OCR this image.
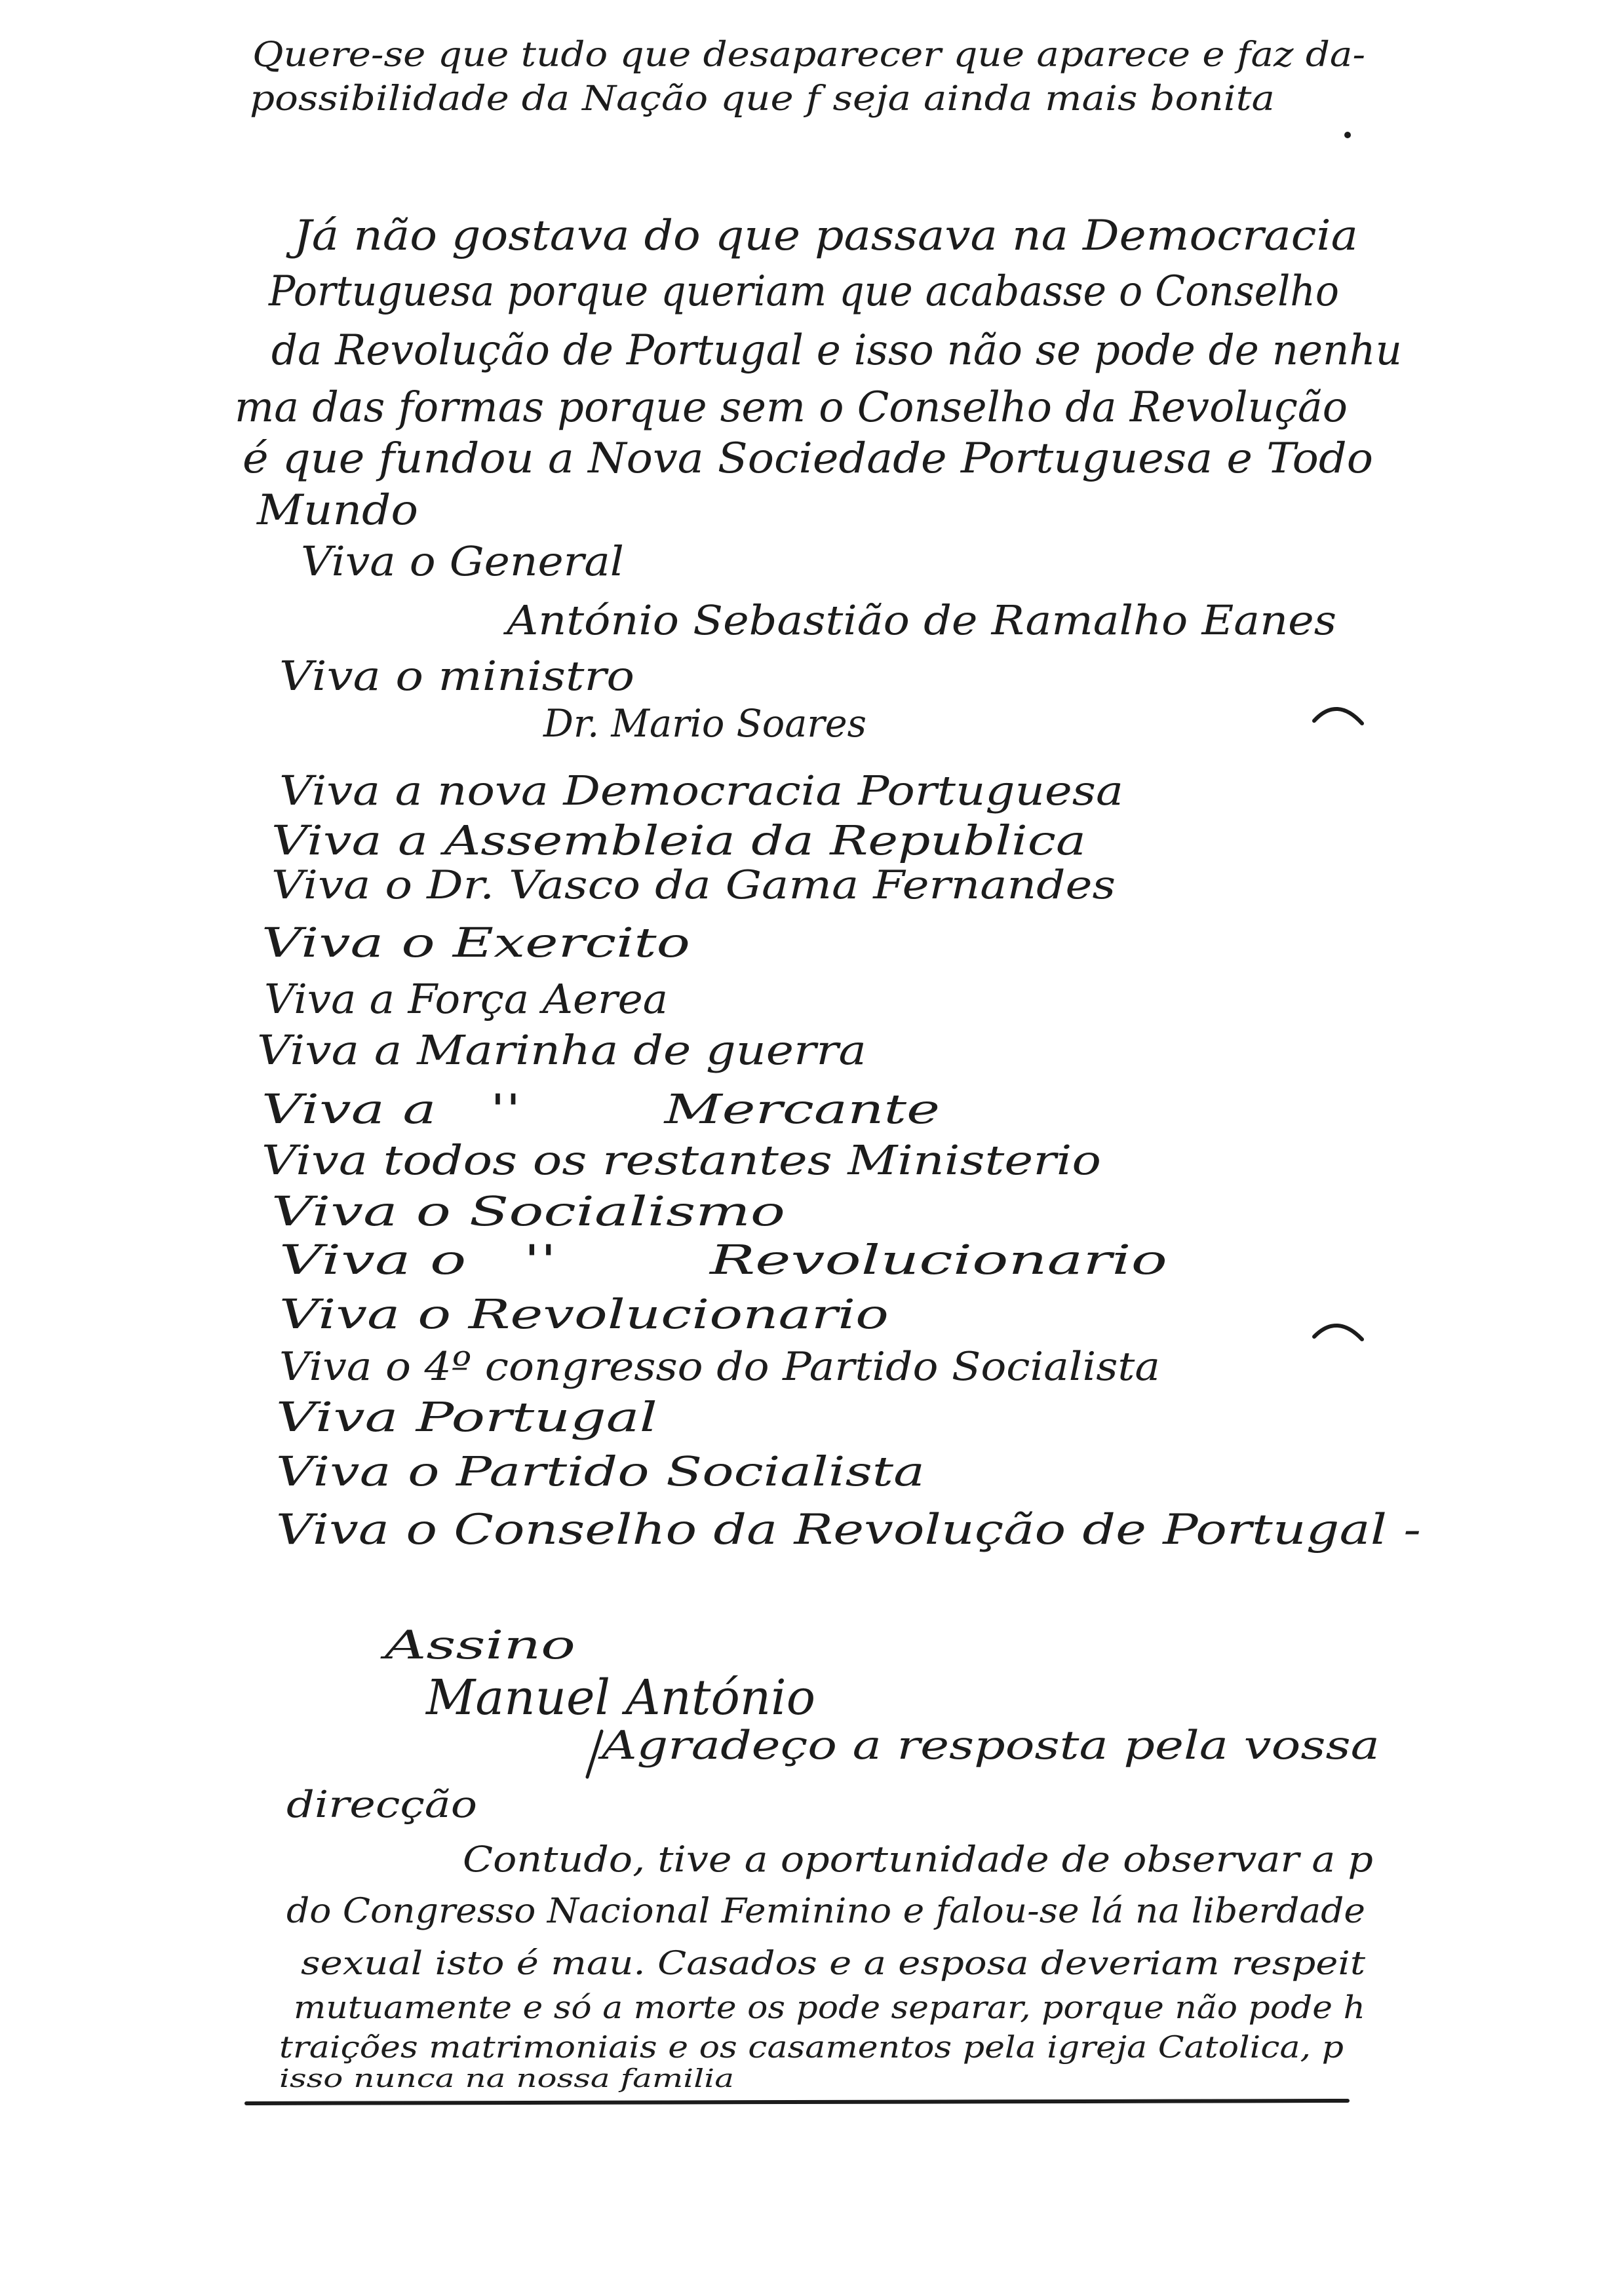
Quere-se que tudo que desaparecer que aparece e faz da-
possibilidade da Nação que f seja ainda mais bonita
Já não gostava do que passava na Democracia
Portuguesa porque queriam que acabasse o Conselho
da Revolução de Portugal e isso não se pode de nenhu
ma das formas porque sem o Conselho da Revolução
é que fundou a Nova Sociedade Portuguesa e Todo
Mundo
Viva o General
António Sebastião de Ramalho Eanes
Viva o ministro
Dr. Mario Soares
Viva a nova Democracia Portuguesa
Viva a Assembleia da Republica
Viva o Dr. Vasco da Gama Fernandes
Viva o Exercito
Viva a Força Aerea
Viva a Marinha de guerra
Viva a   ''        Mercante
Viva todos os restantes Ministerio
Viva o Socialismo
Viva o   ''        Revolucionario
Viva o Revolucionario
Viva o 4º congresso do Partido Socialista
Viva Portugal
Viva o Partido Socialista
Viva o Conselho da Revolução de Portugal -
Assino
Manuel António
Agradeço a resposta pela vossa
direcção
Contudo, tive a oportunidade de observar a p
do Congresso Nacional Feminino e falou-se lá na liberdade
sexual isto é mau. Casados e a esposa deveriam respeit
mutuamente e só a morte os pode separar, porque não pode h
traições matrimoniais e os casamentos pela igreja Catolica, p
isso nunca na nossa familia
